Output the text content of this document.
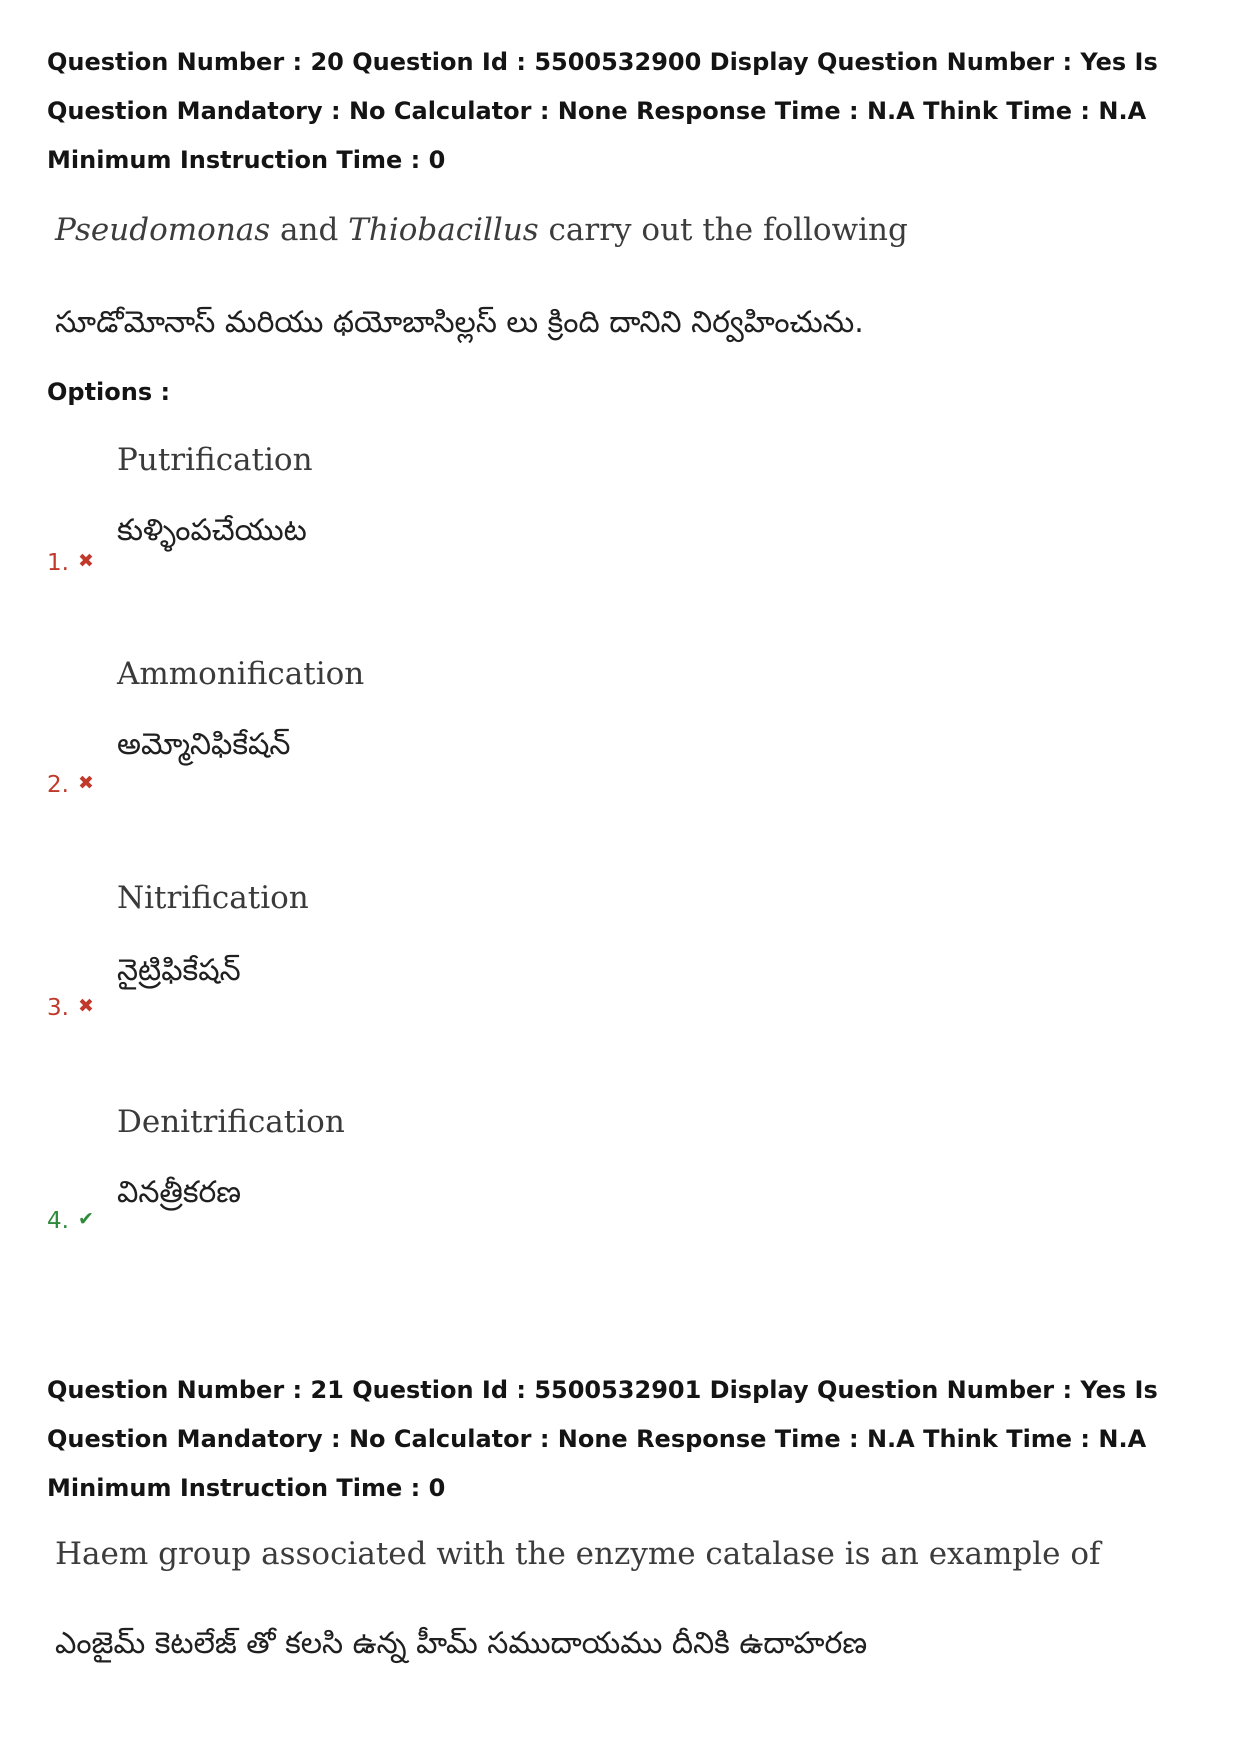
Question Number : 20 Question Id : 5500532900 Display Question Number : Yes Is Question Mandatory : No Calculator : None Response Time : N.A Think Time : N.A Minimum Instruction Time : 0
Pseudomonas and Thiobacillus carry out the following
సూడోమోనాస్ మరియు థయోబాసిల్లస్ లు క్రింది దానిని నిర్వహించును.
Options :
Putrification
కుళ్ళింపచేయుట
1. ✖
Ammonification
అమ్మోనిఫికేషన్
2. ✖
Nitrification
నైట్రిఫికేషన్
3. ✖
Denitrification
వినత్రీకరణ
4. ✔
Question Number : 21 Question Id : 5500532901 Display Question Number : Yes Is Question Mandatory : No Calculator : None Response Time : N.A Think Time : N.A Minimum Instruction Time : 0
Haem group associated with the enzyme catalase is an example of
ఎంజైమ్ కెటలేజ్ తో కలసి ఉన్న హీమ్ సముదాయము దీనికి ఉదాహరణ
